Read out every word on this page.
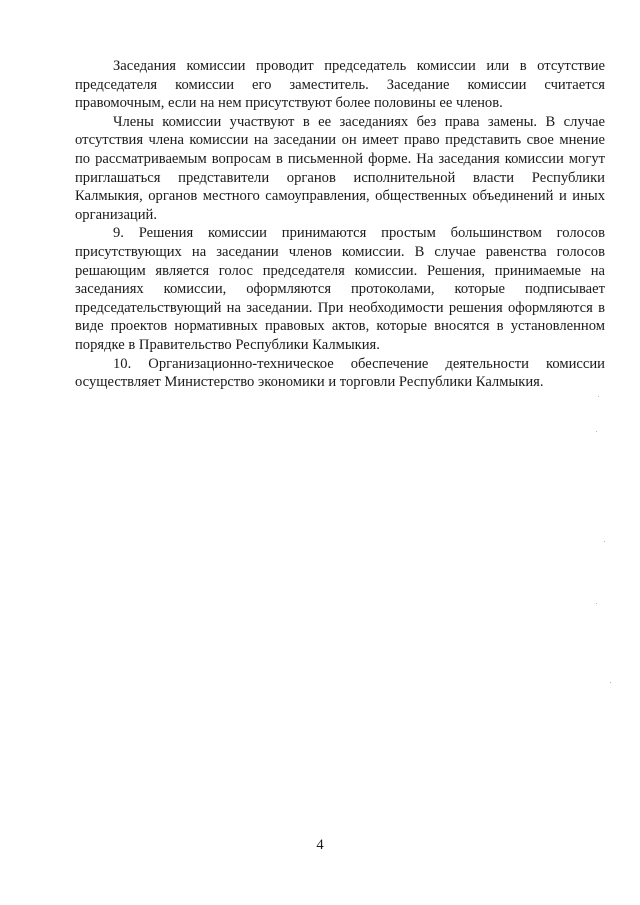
Заседания комиссии проводит председатель комиссии или в отсутствие председателя комиссии его заместитель. Заседание комиссии считается правомочным, если на нем присутствуют более половины ее членов.

Члены комиссии участвуют в ее заседаниях без права замены. В случае отсутствия члена комиссии на заседании он имеет право представить свое мнение по рассматриваемым вопросам в письменной форме. На заседания комиссии могут приглашаться представители органов исполнительной власти Республики Калмыкия, органов местного самоуправления, общественных объединений и иных организаций.

9. Решения комиссии принимаются простым большинством голосов присутствующих на заседании членов комиссии. В случае равенства голосов решающим является голос председателя комиссии. Решения, принимаемые на заседаниях комиссии, оформляются протоколами, которые подписывает председательствующий на заседании. При необходимости решения оформляются в виде проектов нормативных правовых актов, которые вносятся в установленном порядке в Правительство Республики Калмыкия.

10. Организационно-техническое обеспечение деятельности комиссии осуществляет Министерство экономики и торговли Республики Калмыкия.

4
